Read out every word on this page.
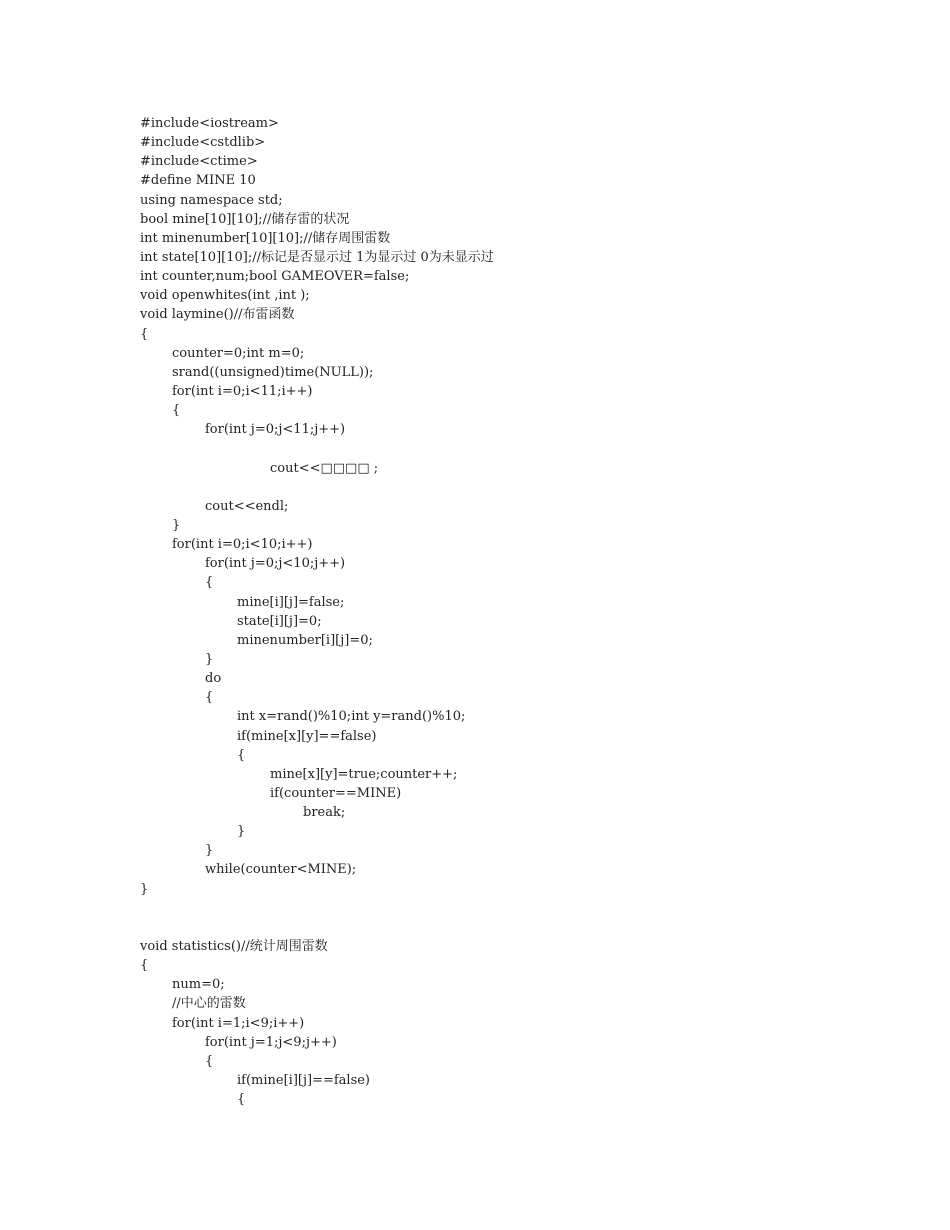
#include<iostream>
#include<cstdlib>
#include<ctime>
#define MINE 10
using namespace std;
bool mine[10][10];//储存雷的状况
int minenumber[10][10];//储存周围雷数
int state[10][10];//标记是否显示过 1为显示过 0为未显示过
int counter,num;bool GAMEOVER=false;
void openwhites(int ,int );
void laymine()//布雷函数
{
counter=0;int m=0;
srand((unsigned)time(NULL));
for(int i=0;i<11;i++)
{
for(int j=0;j<11;j++)
cout<<□□□□ ;
cout<<endl;
}
for(int i=0;i<10;i++)
for(int j=0;j<10;j++)
{
mine[i][j]=false;
state[i][j]=0;
minenumber[i][j]=0;
}
do
{
int x=rand()%10;int y=rand()%10;
if(mine[x][y]==false)
{
mine[x][y]=true;counter++;
if(counter==MINE)
break;
}
}
while(counter<MINE);
}
void statistics()//统计周围雷数
{
num=0;
//中心的雷数
for(int i=1;i<9;i++)
for(int j=1;j<9;j++)
{
if(mine[i][j]==false)
{
